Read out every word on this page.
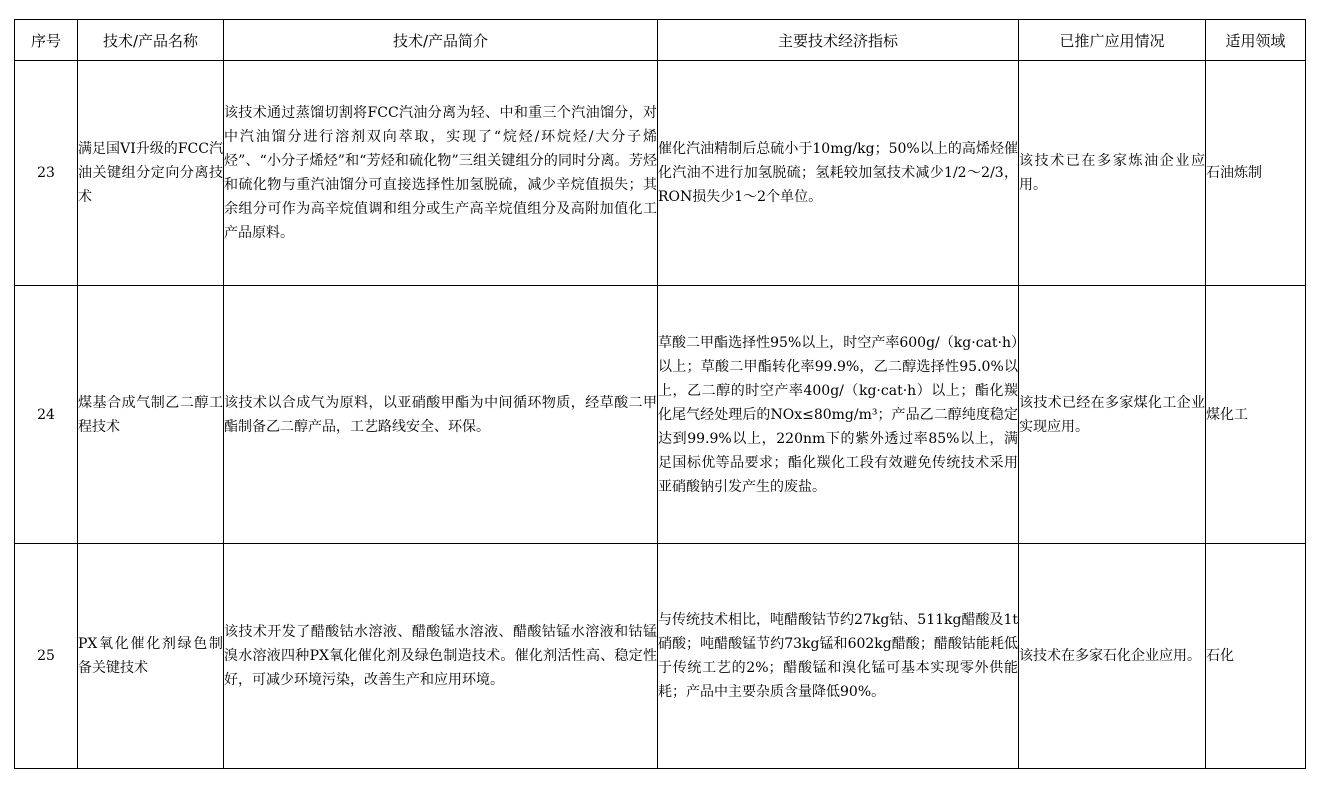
序号	技术/产品名称	技术/产品简介	主要技术经济指标	已推广应用情况	适用领域
23	满足国VI升级的FCC汽油关键组分定向分离技术	该技术通过蒸馏切割将FCC汽油分离为轻、中和重三个汽油馏分，对中汽油馏分进行溶剂双向萃取，实现了“烷烃/环烷烃/大分子烯烃”、“小分子烯烃”和“芳烃和硫化物”三组关键组分的同时分离。芳烃和硫化物与重汽油馏分可直接选择性加氢脱硫，减少辛烷值损失；其余组分可作为高辛烷值调和组分或生产高辛烷值组分及高附加值化工产品原料。	催化汽油精制后总硫小于10mg/kg；50%以上的高烯烃催化汽油不进行加氢脱硫；氢耗较加氢技术减少1/2～2/3，RON损失少1～2个单位。	该技术已在多家炼油企业应用。	石油炼制
24	煤基合成气制乙二醇工程技术	该技术以合成气为原料，以亚硝酸甲酯为中间循环物质，经草酸二甲酯制备乙二醇产品，工艺路线安全、环保。	草酸二甲酯选择性95%以上，时空产率600g/（kg·cat·h）以上；草酸二甲酯转化率99.9%，乙二醇选择性95.0%以上，乙二醇的时空产率400g/（kg·cat·h）以上；酯化羰化尾气经处理后的NOx≤80mg/m³；产品乙二醇纯度稳定达到99.9%以上，220nm下的紫外透过率85%以上，满足国标优等品要求；酯化羰化工段有效避免传统技术采用亚硝酸钠引发产生的废盐。	该技术已经在多家煤化工企业实现应用。	煤化工
25	PX氧化催化剂绿色制备关键技术	该技术开发了醋酸钴水溶液、醋酸锰水溶液、醋酸钴锰水溶液和钴锰溴水溶液四种PX氧化催化剂及绿色制造技术。催化剂活性高、稳定性好，可减少环境污染，改善生产和应用环境。	与传统技术相比，吨醋酸钴节约27kg钴、511kg醋酸及1t硝酸；吨醋酸锰节约73kg锰和602kg醋酸；醋酸钴能耗低于传统工艺的2%；醋酸锰和溴化锰可基本实现零外供能耗；产品中主要杂质含量降低90%。	该技术在多家石化企业应用。	石化
